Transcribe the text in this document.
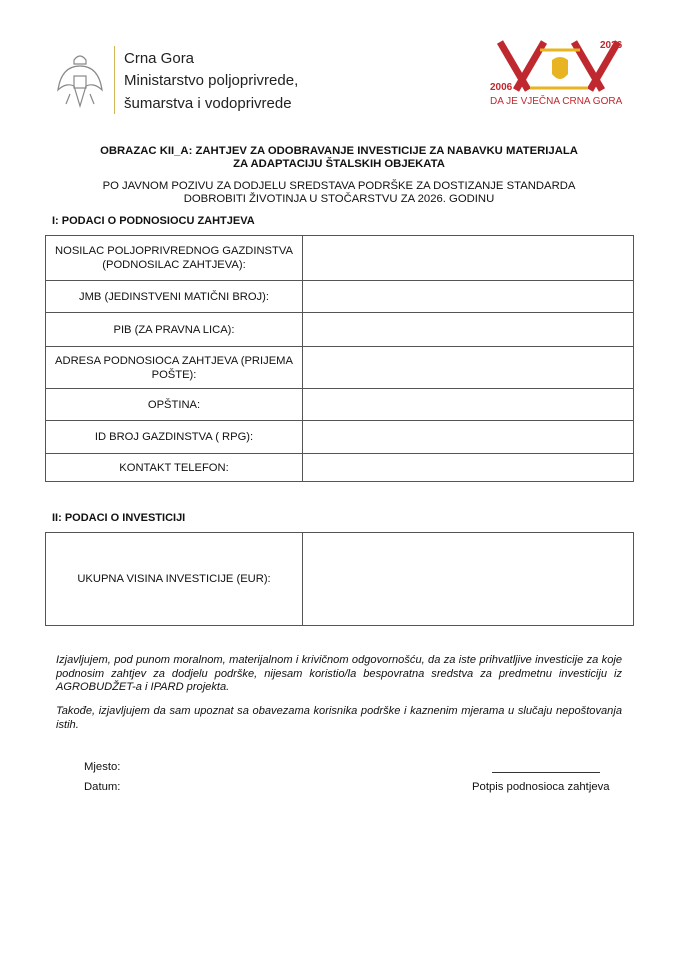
Crna Gora
Ministarstvo poljoprivrede,
šumarstva i vodoprivrede
2026
2006
DA JE VJEČNA CRNA GORA
OBRAZAC KII_A: ZAHTJEV ZA ODOBRAVANJE INVESTICIJE ZA NABAVKU MATERIJALA
ZA ADAPTACIJU ŠTALSKIH OBJEKATA
PO JAVNOM POZIVU ZA DODJELU SREDSTAVA PODRŠKE ZA DOSTIZANJE STANDARDA
DOBROBITI ŽIVOTINJA U STOČARSTVU ZA 2026. GODINU
I: PODACI O PODNOSIOCU ZAHTJEVA
NOSILAC POLJOPRIVREDNOG GAZDINSTVA (PODNOSILAC ZAHTJEVA):	
JMB (JEDINSTVENI MATIČNI BROJ):	

PIB (ZA PRAVNA LICA):	

ADRESA PODNOSIOCA ZAHTJEVA (PRIJEMA POŠTE):	
OPŠTINA:	
ID BROJ GAZDINSTVA ( RPG):	

KONTAKT TELEFON:	
II: PODACI O INVESTICIJI
UKUPNA VISINA INVESTICIJE (EUR):	
Izjavljujem, pod punom moralnom, materijalnom i krivičnom odgovornošću, da za iste prihvatljive investicije za koje podnosim zahtjev za dodjelu podrške, nijesam koristio/la bespovratna sredstva za predmetnu investiciju iz AGROBUDŽET-a i IPARD projekta.
Takođe, izjavljujem da sam upoznat sa obavezama korisnika podrške i kaznenim mjerama u slučaju nepoštovanja istih.
Mjesto:
Datum:	Potpis podnosioca zahtjeva
